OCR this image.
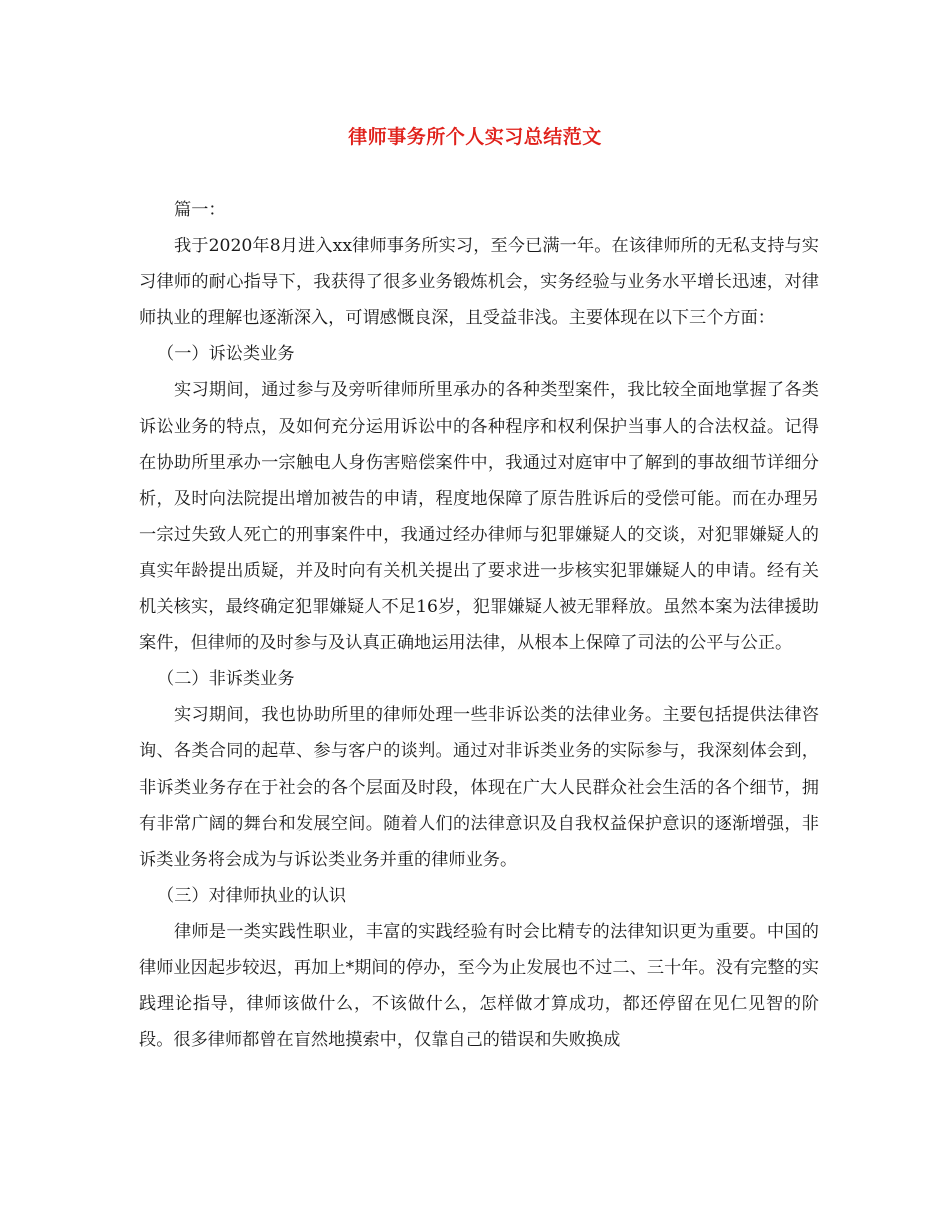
律师事务所个人实习总结范文

篇一：

我于2020年8月进入xx律师事务所实习，至今已满一年。在该律师所的无私支持与实习律师的耐心指导下，我获得了很多业务锻炼机会，实务经验与业务水平增长迅速，对律师执业的理解也逐渐深入，可谓感慨良深，且受益非浅。主要体现在以下三个方面：

（一）诉讼类业务

实习期间，通过参与及旁听律师所里承办的各种类型案件，我比较全面地掌握了各类诉讼业务的特点，及如何充分运用诉讼中的各种程序和权利保护当事人的合法权益。记得在协助所里承办一宗触电人身伤害赔偿案件中，我通过对庭审中了解到的事故细节详细分析，及时向法院提出增加被告的申请，程度地保障了原告胜诉后的受偿可能。而在办理另一宗过失致人死亡的刑事案件中，我通过经办律师与犯罪嫌疑人的交谈，对犯罪嫌疑人的真实年龄提出质疑，并及时向有关机关提出了要求进一步核实犯罪嫌疑人的申请。经有关机关核实，最终确定犯罪嫌疑人不足16岁，犯罪嫌疑人被无罪释放。虽然本案为法律援助案件，但律师的及时参与及认真正确地运用法律，从根本上保障了司法的公平与公正。

（二）非诉类业务

实习期间，我也协助所里的律师处理一些非诉讼类的法律业务。主要包括提供法律咨询、各类合同的起草、参与客户的谈判。通过对非诉类业务的实际参与，我深刻体会到，非诉类业务存在于社会的各个层面及时段，体现在广大人民群众社会生活的各个细节，拥有非常广阔的舞台和发展空间。随着人们的法律意识及自我权益保护意识的逐渐增强，非诉类业务将会成为与诉讼类业务并重的律师业务。

（三）对律师执业的认识

律师是一类实践性职业，丰富的实践经验有时会比精专的法律知识更为重要。中国的律师业因起步较迟，再加上*期间的停办，至今为止发展也不过二、三十年。没有完整的实践理论指导，律师该做什么，不该做什么，怎样做才算成功，都还停留在见仁见智的阶段。很多律师都曾在盲然地摸索中，仅靠自己的错误和失败换成
